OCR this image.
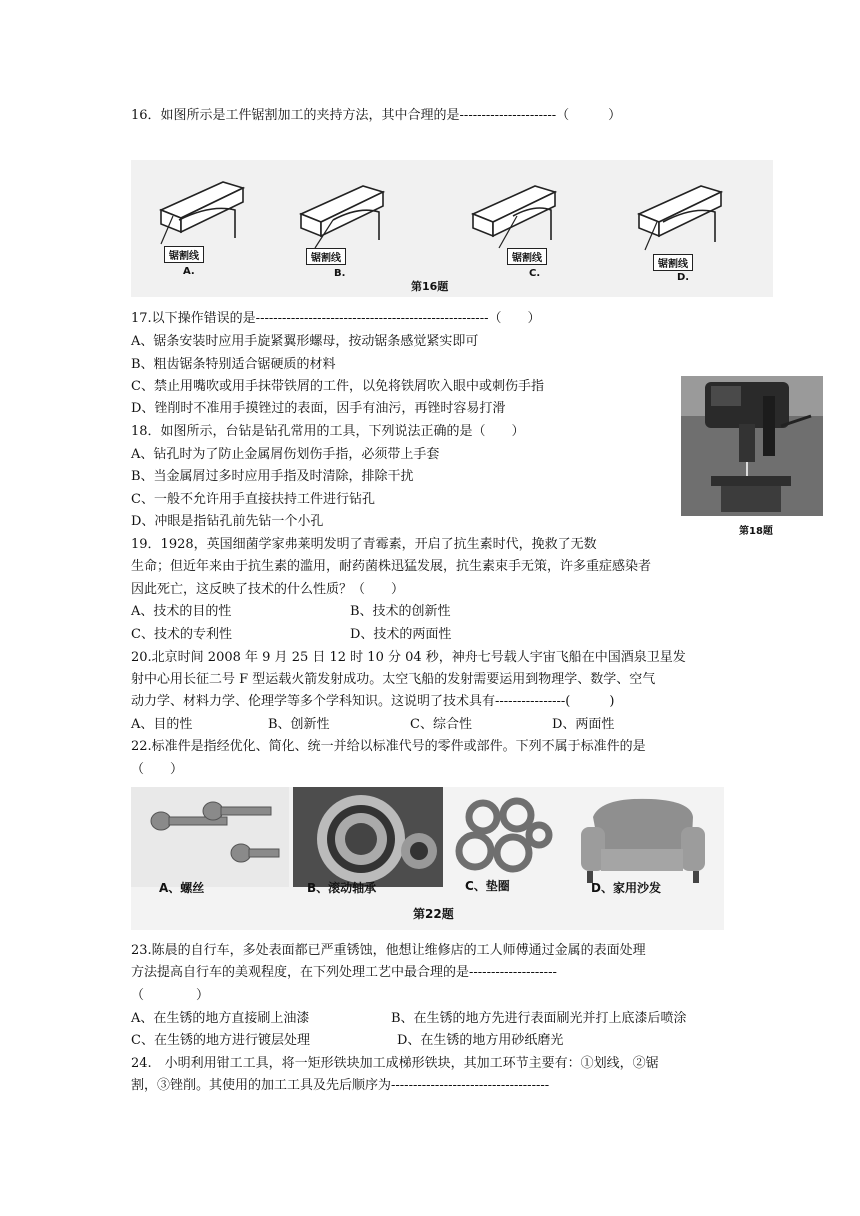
16．如图所示是工件锯割加工的夹持方法，其中合理的是----------------------（　　　）
锯割线	锯割线	锯割线
锯割线
A.	B.	C.	D.
第16题
17.以下操作错误的是-----------------------------------------------------（　　）
A、锯条安装时应用手旋紧翼形螺母，按动锯条感觉紧实即可
B、粗齿锯条特别适合锯硬质的材料
C、禁止用嘴吹或用手抹带铁屑的工件，以免将铁屑吹入眼中或刺伤手指
D、锉削时不准用手摸锉过的表面，因手有油污，再锉时容易打滑
第18题
18．如图所示，台钻是钻孔常用的工具，下列说法正确的是（　　）
A、钻孔时为了防止金属屑伤划伤手指，必须带上手套
B、当金属屑过多时应用手指及时清除，排除干扰
C、一般不允许用手直接扶持工件进行钻孔
D、冲眼是指钻孔前先钻一个小孔
19．1928，英国细菌学家弗莱明发明了青霉素，开启了抗生素时代，挽救了无数
生命；但近年来由于抗生素的滥用，耐药菌株迅猛发展，抗生素束手无策，许多重症感染者
因此死亡，这反映了技术的什么性质？（　　）
A、技术的目的性	B、技术的创新性
C、技术的专利性	D、技术的两面性
20.北京时间 2008 年 9 月 25 日 12 时 10 分 04 秒，神舟七号载人宇宙飞船在中国酒泉卫星发
射中心用长征二号 F 型运载火箭发射成功。太空飞船的发射需要运用到物理学、数学、空气
动力学、材料力学、伦理学等多个学科知识。这说明了技术具有----------------(　　　)
A、目的性	B、创新性	C、综合性	D、两面性
22.标准件是指经优化、简化、统一并给以标准代号的零件或部件。下列不属于标准件的是
（　　）
A、螺丝	B、滚动轴承	C、垫圈	D、家用沙发
第22题
23.陈晨的自行车，多处表面都已严重锈蚀，他想让维修店的工人师傅通过金属的表面处理
方法提高自行车的美观程度，在下列处理工艺中最合理的是--------------------
（　　　　）
A、在生锈的地方直接刷上油漆	B、在生锈的地方先进行表面刷光并打上底漆后喷涂
C、在生锈的地方进行镀层处理	D、在生锈的地方用砂纸磨光
24.　小明利用钳工工具，将一矩形铁块加工成梯形铁块，其加工环节主要有：①划线，②锯
割，③锉削。其使用的加工工具及先后顺序为------------------------------------
